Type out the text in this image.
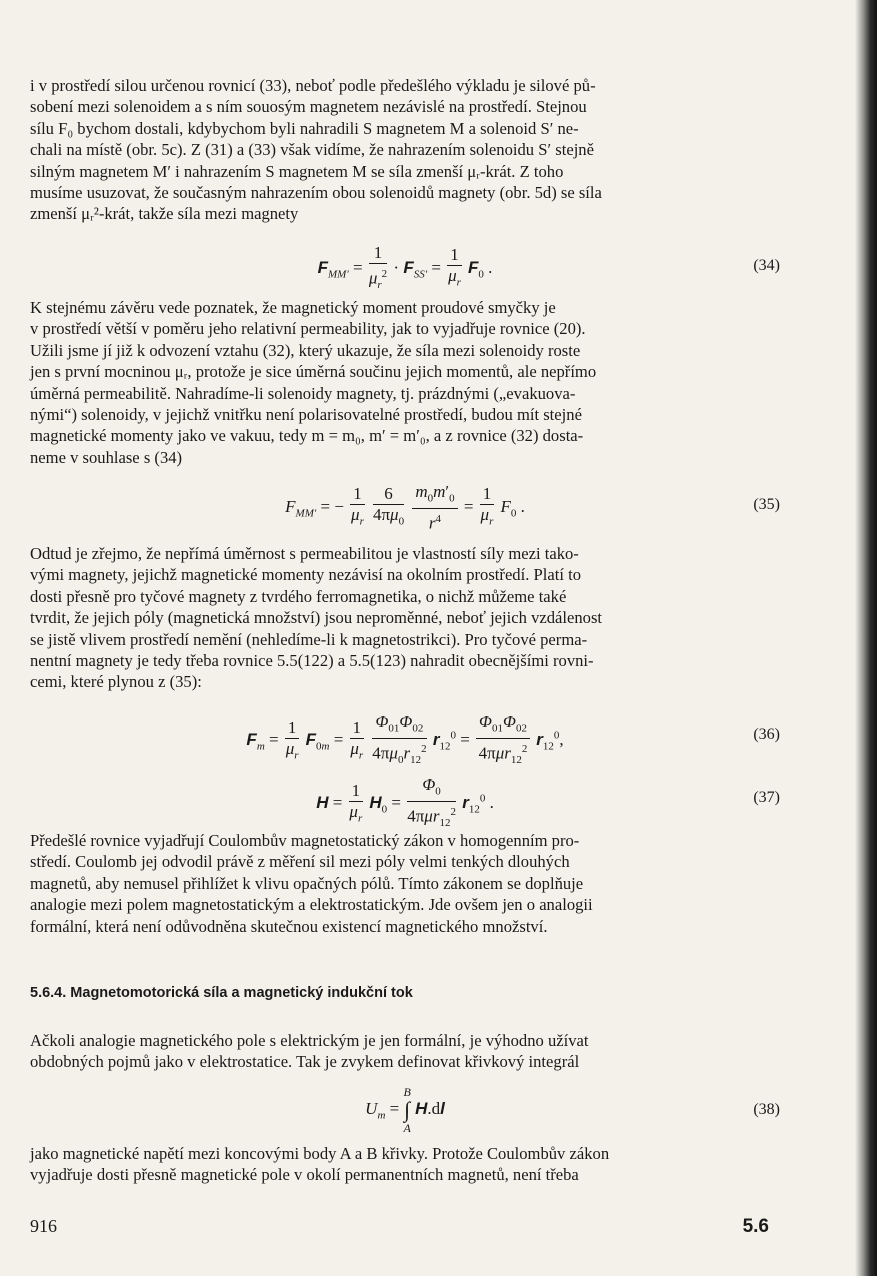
i v prostředí silou určenou rovnicí (33), neboť podle předešlého výkladu je silové pů-
sobení mezi solenoidem a s ním souosým magnetem nezávislé na prostředí. Stejnou
sílu F₀ bychom dostali, kdybychom byli nahradili S magnetem M a solenoid S′ ne-
chali na místě (obr. 5c). Z (31) a (33) však vidíme, že nahrazením solenoidu S′ stejně
silným magnetem M′ i nahrazením S magnetem M se síla zmenší μᵣ-krát. Z toho
musíme usuzovat, že současným nahrazením obou solenoidů magnety (obr. 5d) se síla
zmenší μᵣ²-krát, takže síla mezi magnety
$F_{MM'} = \frac{1}{\mu_r^2} \cdot F_{SS'} = \frac{1}{\mu_r} F_0$ .	(34)
K stejnému závěru vede poznatek, že magnetický moment proudové smyčky je
v prostředí větší v poměru jeho relativní permeability, jak to vyjadřuje rovnice (20).
Užili jsme jí již k odvození vztahu (32), který ukazuje, že síla mezi solenoidy roste
jen s první mocninou μᵣ, protože je sice úměrná součinu jejich momentů, ale nepřímo
úměrná permeabilitě. Nahradíme-li solenoidy magnety, tj. prázdnými („evakuova-
nými“) solenoidy, v jejichž vnitřku není polarisovatelné prostředí, budou mít stejné
magnetické momenty jako ve vakuu, tedy m = m₀, m′ = m′₀, a z rovnice (32) dosta-
neme v souhlase s (34)
$F_{MM'}$ = − $\frac{1}{\mu_r}$
$\frac{6}{4\pi\mu_0}$
$\frac{m_0m'_0}{r^4} = \frac{1}{\mu_r} F_0$ .	(35)
Odtud je zřejmo, že nepřímá úměrnost s permeabilitou je vlastností síly mezi tako-
vými magnety, jejichž magnetické momenty nezávisí na okolním prostředí. Platí to
dosti přesně pro tyčové magnety z tvrdého ferromagnetika, o nichž můžeme také
tvrdit, že jejich póly (magnetická množství) jsou neproměnné, neboť jejich vzdálenost
se jistě vlivem prostředí nemění (nehledíme-li k magnetostrikci). Pro tyčové perma-
nentní magnety je tedy třeba rovnice 5.5(122) a 5.5(123) nahradit obecnějšími rovni-
cemi, které plynou z (35):
$F_m = \frac{1}{\mu_r} F_{0m} = \frac{1}{\mu_r}$
$\frac{\Phi_{01}\Phi_{02}}{4\pi\mu_0r_{12}^2} r_{12}^0 = \frac{\Phi_{01}\Phi_{02}}{4\pi\mu r_{12}^2} r_{12}^0$,	(36)
$H = \frac{1}{\mu_r} H_0 = \frac{\Phi_0}{4\pi\mu r_{12}^2} r_{12}^0$ .	(37)
Předešlé rovnice vyjadřují Coulombův magnetostatický zákon v homogenním pro-
středí. Coulomb jej odvodil právě z měření sil mezi póly velmi tenkých dlouhých
magnetů, aby nemusel přihlížet k vlivu opačných pólů. Tímto zákonem se doplňuje
analogie mezi polem magnetostatickým a elektrostatickým. Jde ovšem jen o analogii
formální, která není odůvodněna skutečnou existencí magnetického množství.
5.6.4. Magnetomotorická síla a magnetický indukční tok
Ačkoli analogie magnetického pole s elektrickým je jen formální, je výhodno užívat
obdobných pojmů jako v elektrostatice. Tak je zvykem definovat křivkový integrál
$U_m = B$
∫
A H.dl	(38)
jako magnetické napětí mezi koncovými body A a B křivky. Protože Coulombův zákon
vyjadřuje dosti přesně magnetické pole v okolí permanentních magnetů, není třeba
916	5.6
